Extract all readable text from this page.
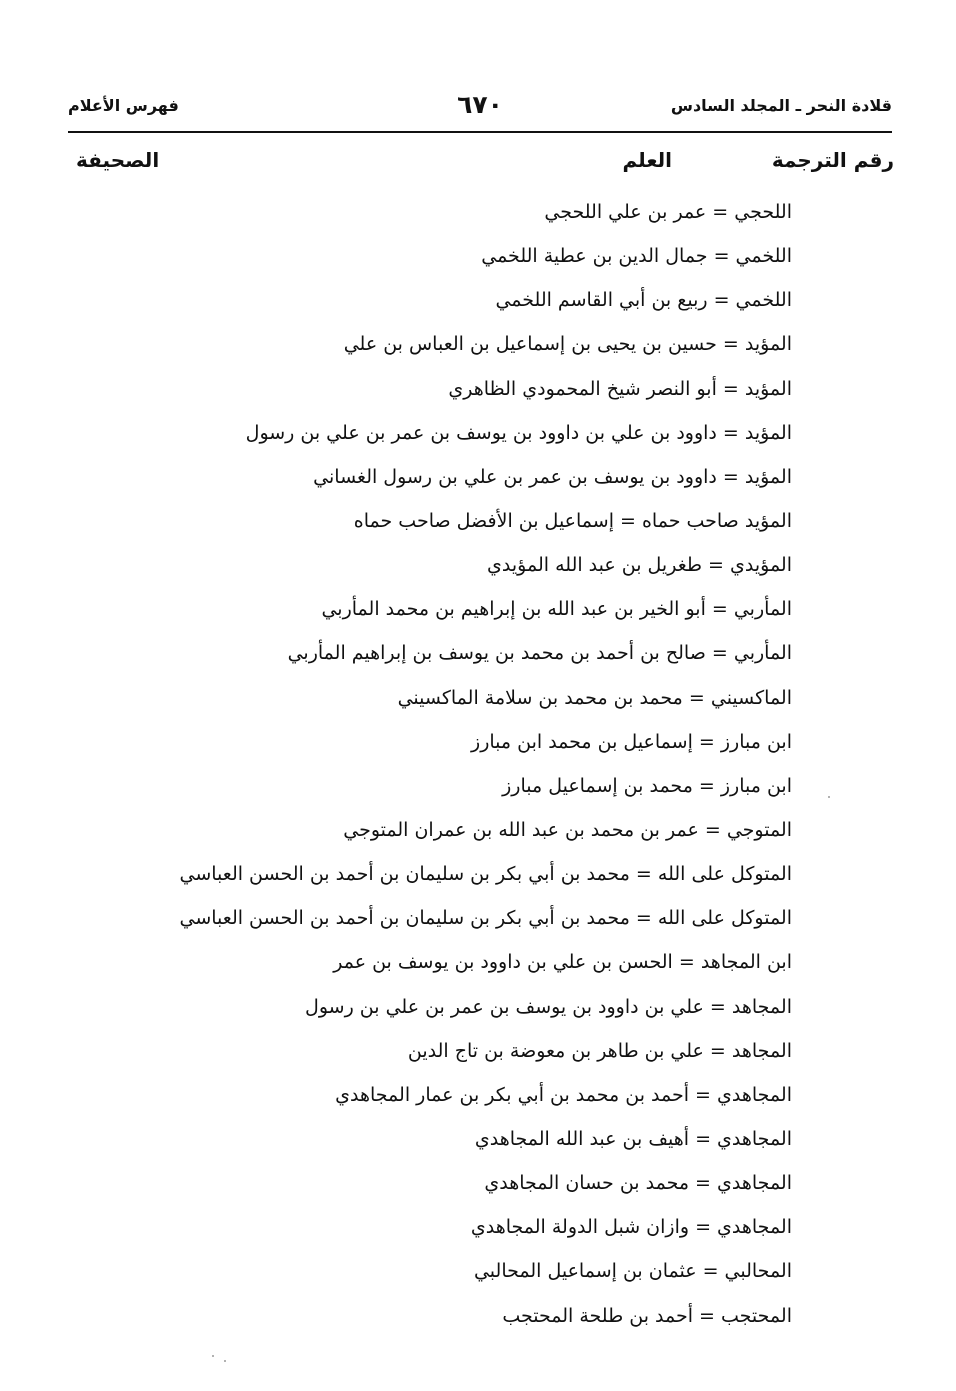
قلادة النحر ـ المجلد السادس
٦٧٠
فهرس الأعلام
رقم الترجمة
العلم
الصحيفة
اللحجي = عمر بن علي اللحجي
اللخمي = جمال الدين بن عطية اللخمي
اللخمي = ربيع بن أبي القاسم اللخمي
المؤيد = حسين بن يحيى بن إسماعيل بن العباس بن علي
المؤيد = أبو النصر شيخ المحمودي الظاهري
المؤيد = داوود بن علي بن داوود بن يوسف بن عمر بن علي بن رسول
المؤيد = داوود بن يوسف بن عمر بن علي بن رسول الغساني
المؤيد صاحب حماه = إسماعيل بن الأفضل صاحب حماه
المؤيدي = طغريل بن عبد الله المؤيدي
المأربي = أبو الخير بن عبد الله بن إبراهيم بن محمد المأربي
المأربي = صالح بن أحمد بن محمد بن يوسف بن إبراهيم المأربي
الماكسيني = محمد بن محمد بن سلامة الماكسيني
ابن مبارز = إسماعيل بن محمد ابن مبارز
ابن مبارز = محمد بن إسماعيل مبارز
المتوجي = عمر بن محمد بن عبد الله بن عمران المتوجي
المتوكل على الله = محمد بن أبي بكر بن سليمان بن أحمد بن الحسن العباسي
المتوكل على الله = محمد بن أبي بكر بن سليمان بن أحمد بن الحسن العباسي
ابن المجاهد = الحسن بن علي بن داوود بن يوسف بن عمر
المجاهد = علي بن داوود بن يوسف بن عمر بن علي بن رسول
المجاهد = علي بن طاهر بن معوضة بن تاج الدين
المجاهدي = أحمد بن محمد بن أبي بكر بن عمار المجاهدي
المجاهدي = أهيف بن عبد الله المجاهدي
المجاهدي = محمد بن حسان المجاهدي
المجاهدي = وازان شبل الدولة المجاهدي
المحالبي = عثمان بن إسماعيل المحالبي
المحتجب = أحمد بن طلحة المحتجب
